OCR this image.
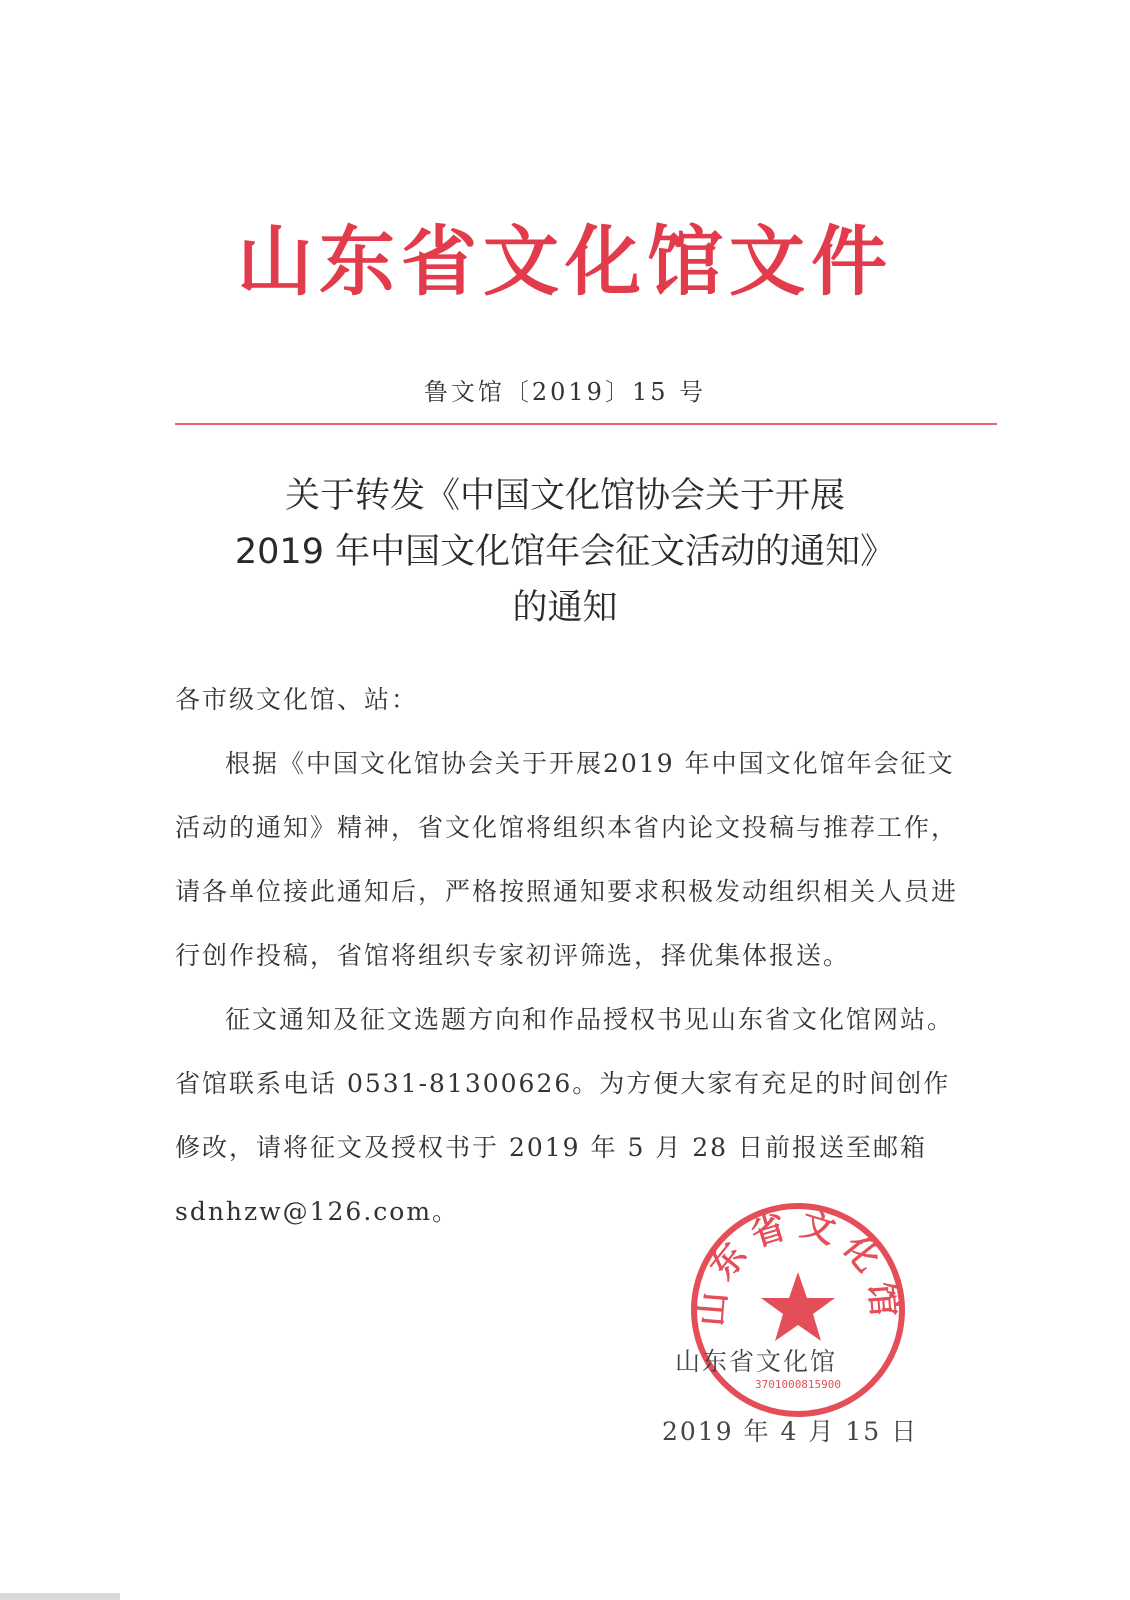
山东省文化馆文件
鲁文馆〔2019〕15 号
关于转发《中国文化馆协会关于开展
2019 年中国文化馆年会征文活动的通知》
的通知

各市级文化馆、站：

根据《中国文化馆协会关于开展2019 年中国文化馆年会征文活动的通知》精神，省文化馆将组织本省内论文投稿与推荐工作，请各单位接此通知后，严格按照通知要求积极发动组织相关人员进行创作投稿，省馆将组织专家初评筛选，择优集体报送。

征文通知及征文选题方向和作品授权书见山东省文化馆网站。省馆联系电话 0531-81300626。为方便大家有充足的时间创作修改，请将征文及授权书于 2019 年 5 月 28 日前报送至邮箱 sdnhzw@126.com。

山东省文化馆
3701000815900
山东省文化馆
2019 年 4 月 15 日
